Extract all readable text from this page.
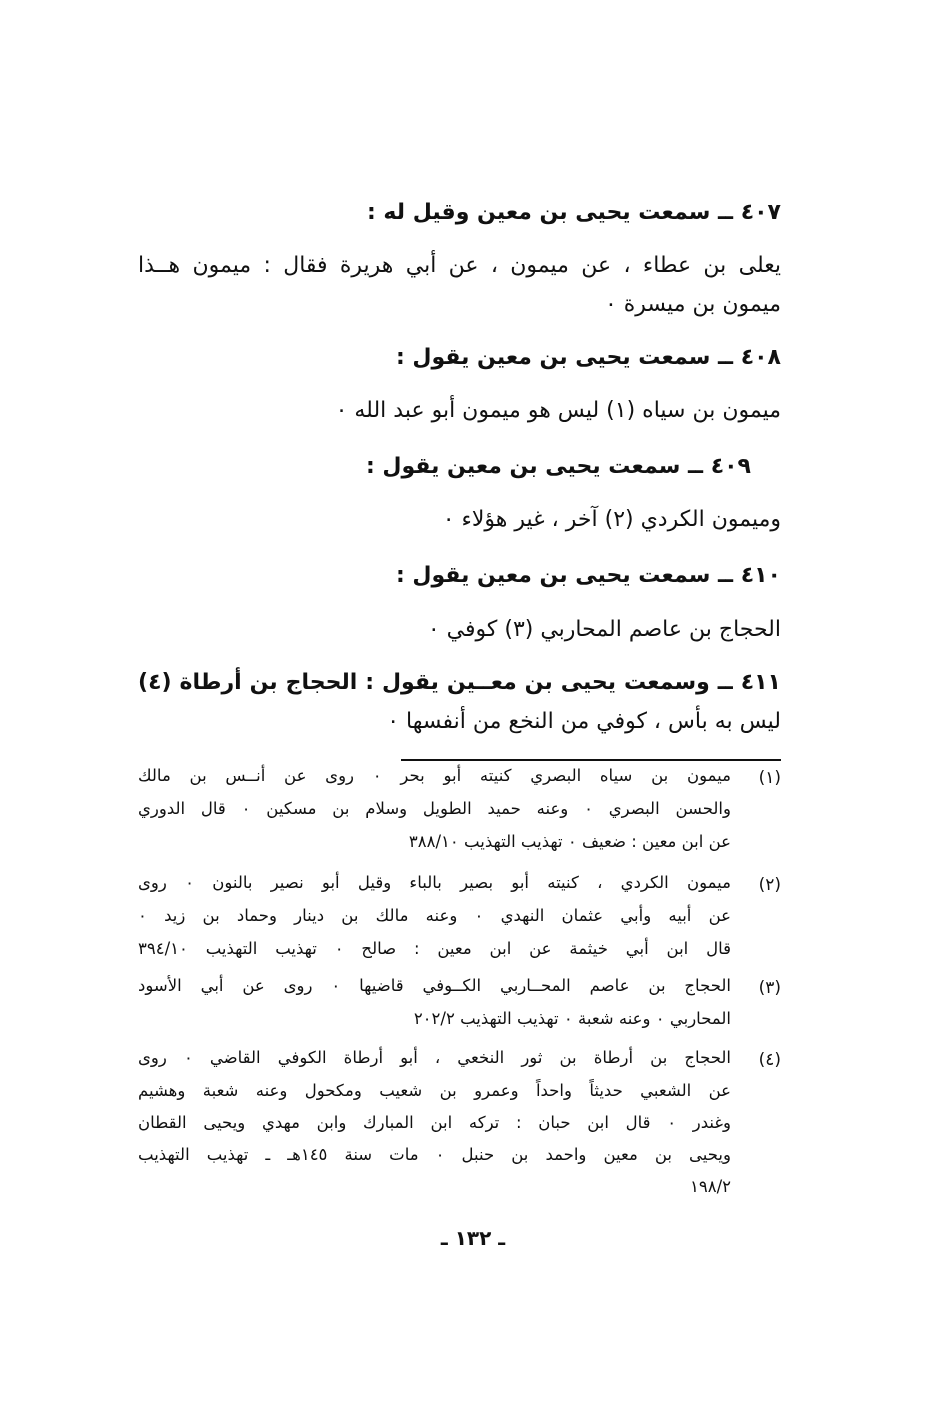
٤٠٧ ــ سمعت يحيى بن معين وقيل له :
يعلى بن عطاء ، عن ميمون ، عن أبي هريرة فقال : ميمون هــذا
ميمون بن ميسرة ٠
٤٠٨ ــ سمعت يحيى بن معين يقول :
ميمون بن سياه (١) ليس هو ميمون أبو عبد الله ٠
٤٠٩ ــ سمعت يحيى بن معين يقول :
وميمون الكردي (٢) آخر ، غير هؤلاء ٠
٤١٠ ــ سمعت يحيى بن معين يقول :
الحجاج بن عاصم المحاربي (٣) كوفي ٠
٤١١ ــ وسمعت يحيى بن معــين يقول : الحجاج بن أرطاة (٤)
ليس به بأس ، كوفي من النخع من أنفسها ٠
(١)
ميمون بن سياه البصري كنيته أبو بحر ٠ روى عن أنــس بن مالك
والحسن البصري ٠ وعنه حميد الطويل وسلام بن مسكين ٠ قال الدوري
عن ابن معين : ضعيف ٠ تهذيب التهذيب ٣٨٨/١٠
(٢)
ميمون الكردي ، كنيته أبو بصير بالباء وقيل أبو نصير بالنون ٠ روى
عن أبيه وأبي عثمان النهدي ٠ وعنه مالك بن دينار وحماد بن زيد ٠
قال ابن أبي خيثمة عن ابن معين : صالح ٠ تهذيب التهذيب ٣٩٤/١٠
(٣)
الحجاج بن عاصم المحــاربي الكــوفي قاضيها ٠ روى عن أبي الأسود
المحاربي ٠ وعنه شعبة ٠ تهذيب التهذيب ٢٠٢/٢
(٤)
الحجاج بن أرطاة بن ثور النخعي ، أبو أرطاة الكوفي القاضي ٠ روى
عن الشعبي حديثاً واحداً وعمرو بن شعيب ومكحول وعنه شعبة وهشيم
وغندر ٠ قال ابن حبان : تركه ابن المبارك وابن مهدي ويحيى القطان
ويحيى بن معين واحمد بن حنبل ٠ مات سنة ١٤٥هـ ـ تهذيب التهذيب
١٩٨/٢
ـ ١٣٢ ـ
